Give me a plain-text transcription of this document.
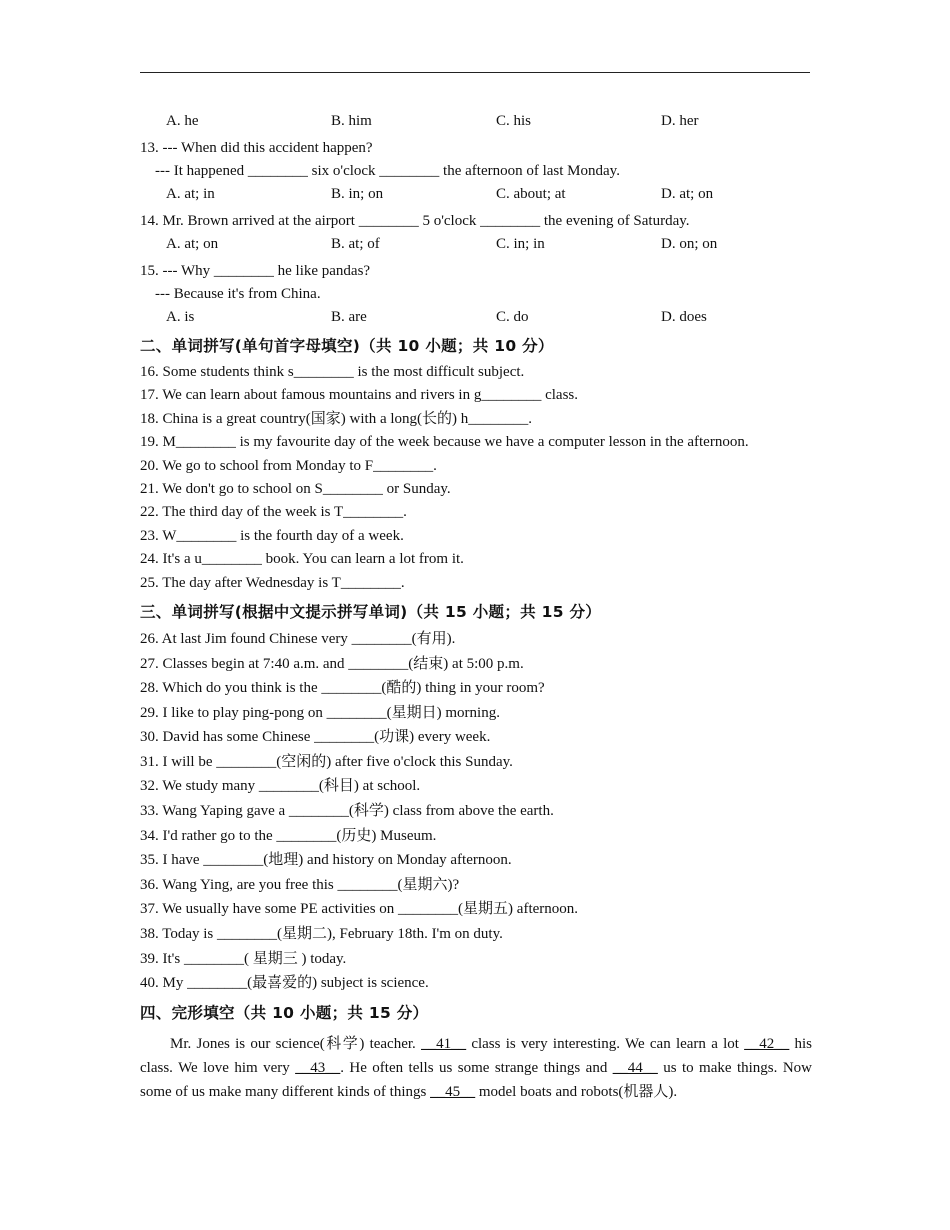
A. he	B. him	C. his	D. her
13. --- When did this accident happen?
--- It happened ________ six o'clock ________ the afternoon of last Monday.
A. at; in	B. in; on	C. about; at	D. at; on
14. Mr. Brown arrived at the airport ________ 5 o'clock ________ the evening of Saturday.
A. at; on	B. at; of	C. in; in	D. on; on
15. --- Why ________ he like pandas?
--- Because it's from China.
A. is	B. are	C. do	D. does
二、单词拼写(单句首字母填空)（共 10 小题；共 10 分）
16. Some students think s________ is the most difficult subject.
17. We can learn about famous mountains and rivers in g________ class.
18. China is a great country(国家) with a long(长的) h________.
19. M________ is my favourite day of the week because we have a computer lesson in the afternoon.
20. We go to school from Monday to F________.
21. We don't go to school on S________ or Sunday.
22. The third day of the week is T________.
23. W________ is the fourth day of a week.
24. It's a u________ book. You can learn a lot from it.
25. The day after Wednesday is T________.
三、单词拼写(根据中文提示拼写单词)（共 15 小题；共 15 分）
26. At last Jim found Chinese very ________(有用).
27. Classes begin at 7:40 a.m. and ________(结束) at 5:00 p.m.
28. Which do you think is the ________(酷的) thing in your room?
29. I like to play ping-pong on ________(星期日) morning.
30. David has some Chinese ________(功课) every week.
31. I will be ________(空闲的) after five o'clock this Sunday.
32. We study many ________(科目) at school.
33. Wang Yaping gave a ________(科学) class from above the earth.
34. I'd rather go to the ________(历史) Museum.
35. I have ________(地理) and history on Monday afternoon.
36. Wang Ying, are you free this ________(星期六)?
37. We usually have some PE activities on ________(星期五) afternoon.
38. Today is ________(星期二), February 18th. I'm on duty.
39. It's ________( 星期三 ) today.
40. My ________(最喜爱的) subject is science.
四、完形填空（共 10 小题；共 15 分）
Mr. Jones is our science(科学) teacher. __41__ class is very interesting. We can learn a lot __42__ his class. We love him very __43__. He often tells us some strange things and __44__ us to make things. Now some of us make many different kinds of things __45__ model boats and robots(机器人).
